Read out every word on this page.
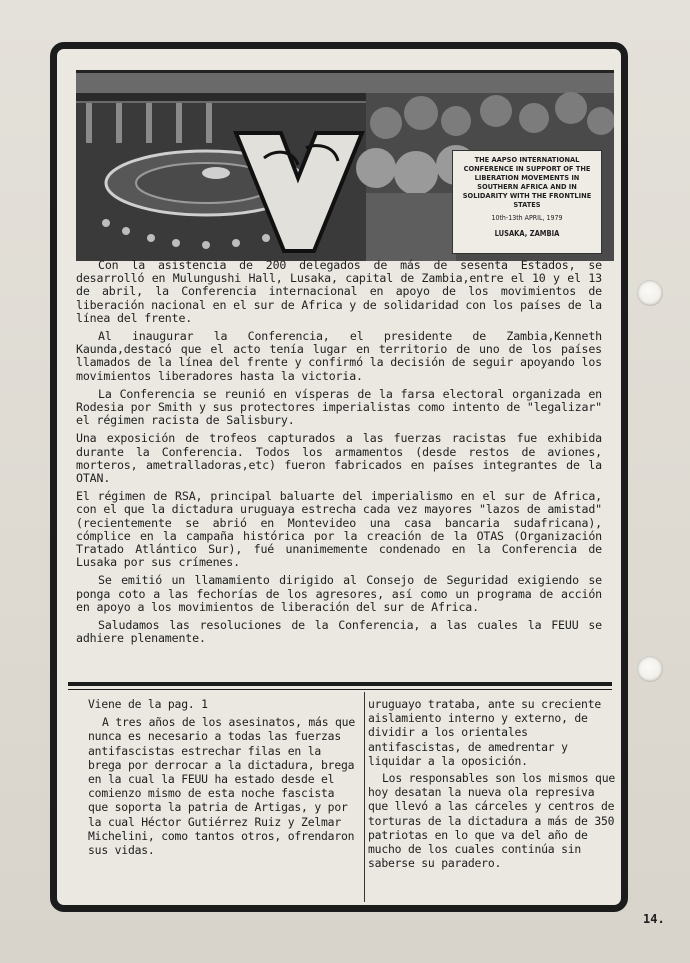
THE AAPSO INTERNATIONAL CONFERENCE IN SUPPORT OF THE LIBERATION MOVEMENTS IN SOUTHERN AFRICA AND IN SOLIDARITY WITH THE FRONTLINE STATES
10th-13th APRIL, 1979
LUSAKA, ZAMBIA

Con la asistencia de 200 delegados de más de sesenta Estados, se desarrolló en Mulungushi Hall, Lusaka, capital de Zambia,entre el 10 y el 13 de abril, la Conferencia internacional en apoyo de los movimientos de liberación nacional en el sur de Africa y de solidaridad con los países de la línea del frente.

Al inaugurar la Conferencia, el presidente de Zambia,Kenneth Kaunda,destacó que el acto tenía lugar en territorio de uno de los países llamados de la línea del frente y confirmó la decisión de seguir apoyando los movimientos liberadores hasta la victoria.

La Conferencia se reunió en vísperas de la farsa electoral organizada en Rodesia por Smith y sus protectores imperialistas como intento de "legalizar" el régimen racista de Salisbury.

Una exposición de trofeos capturados a las fuerzas racistas fue exhibida durante la Conferencia. Todos los armamentos (desde restos de aviones, morteros, ametralladoras,etc) fueron fabricados en países integrantes de la OTAN.

El régimen de RSA, principal baluarte del imperialismo en el sur de Africa, con el que la dictadura uruguaya estrecha cada vez mayores "lazos de amistad" (recientemente se abrió en Montevideo una casa bancaria sudafricana), cómplice en la campaña histórica por la creación de la OTAS (Organización Tratado Atlántico Sur), fué unanimemente condenado en la Conferencia de Lusaka por sus crímenes.

Se emitió un llamamiento dirigido al Consejo de Seguridad exigiendo se ponga coto a las fechorías de los agresores, así como un programa de acción en apoyo a los movimientos de liberación del sur de Africa.

Saludamos las resoluciones de la Conferencia, a las cuales la FEUU se adhiere plenamente.

Viene de la pag. 1

A tres años de los asesinatos, más que nunca es necesario a todas las fuerzas antifascistas estrechar filas en la brega por derrocar a la dictadura, brega en la cual la FEUU ha estado desde el comienzo mismo de esta noche fascista que soporta la patria de Artigas, y por la cual Héctor Gutiérrez Ruiz y Zelmar Michelini, como tantos otros, ofrendaron sus vidas.

uruguayo trataba, ante su creciente aislamiento interno y externo, de dividir a los orientales antifascistas, de amedrentar y liquidar a la oposición.

Los responsables son los mismos que hoy desatan la nueva ola represiva que llevó a las cárceles y centros de torturas de la dictadura a más de 350 patriotas en lo que va del año de mucho de los cuales continúa sin saberse su paradero.

14.
